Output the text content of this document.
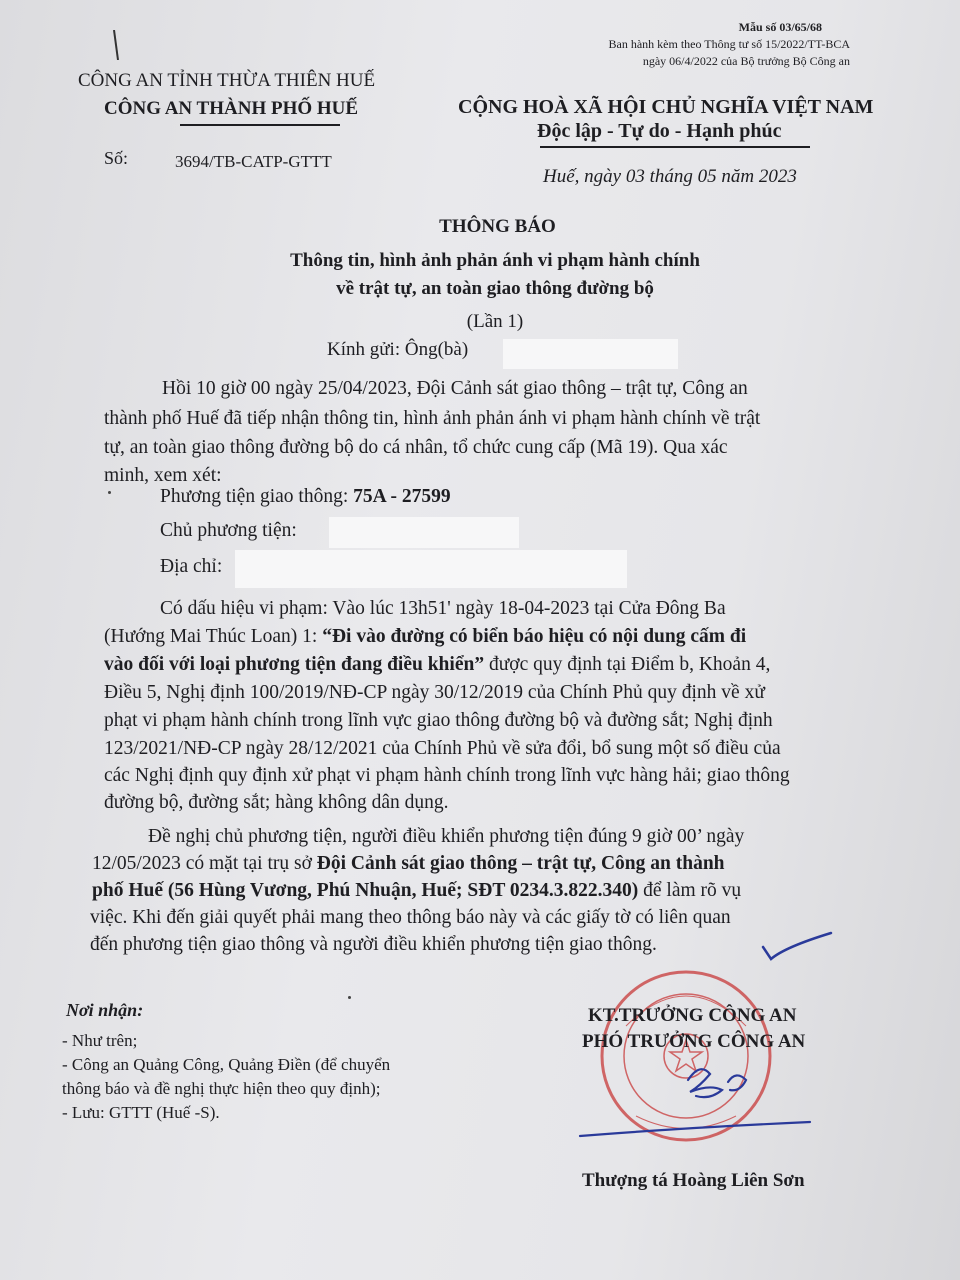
Mẫu số 03/65/68
Ban hành kèm theo Thông tư số 15/2022/TT-BCA
ngày 06/4/2022 của Bộ trưởng Bộ Công an
CÔNG AN TỈNH THỪA THIÊN HUẾ
CÔNG AN THÀNH PHỐ HUẾ
Số:	3694/TB-CATP-GTTT
CỘNG HOÀ XÃ HỘI CHỦ NGHĨA VIỆT NAM
Độc lập - Tự do - Hạnh phúc
Huế, ngày 03 tháng 05 năm 2023
THÔNG BÁO
Thông tin, hình ảnh phản ánh vi phạm hành chính
về trật tự, an toàn giao thông đường bộ
(Lần 1)
Kính gửi: Ông(bà)
Hồi 10 giờ 00 ngày 25/04/2023, Đội Cảnh sát giao thông – trật tự, Công an
thành phố Huế đã tiếp nhận thông tin, hình ảnh phản ánh vi phạm hành chính về trật
tự, an toàn giao thông đường bộ do cá nhân, tổ chức cung cấp (Mã 19). Qua xác
minh, xem xét:
Phương tiện giao thông: 75A - 27599
Chủ phương tiện:
Địa chỉ:
Có dấu hiệu vi phạm: Vào lúc 13h51' ngày 18-04-2023 tại Cửa Đông Ba
(Hướng Mai Thúc Loan) 1: “Đi vào đường có biển báo hiệu có nội dung cấm đi
vào đối với loại phương tiện đang điều khiển” được quy định tại Điểm b, Khoản 4,
Điều 5, Nghị định 100/2019/NĐ-CP ngày 30/12/2019 của Chính Phủ quy định về xử
phạt vi phạm hành chính trong lĩnh vực giao thông đường bộ và đường sắt; Nghị định
123/2021/NĐ-CP ngày 28/12/2021 của Chính Phủ về sửa đổi, bổ sung một số điều của
các Nghị định quy định xử phạt vi phạm hành chính trong lĩnh vực hàng hải; giao thông
đường bộ, đường sắt; hàng không dân dụng.
Đề nghị chủ phương tiện, người điều khiển phương tiện đúng 9 giờ 00’ ngày
12/05/2023 có mặt tại trụ sở Đội Cảnh sát giao thông – trật tự, Công an thành
phố Huế (56 Hùng Vương, Phú Nhuận, Huế; SĐT 0234.3.822.340) để làm rõ vụ
việc. Khi đến giải quyết phải mang theo thông báo này và các giấy tờ có liên quan
đến phương tiện giao thông và người điều khiển phương tiện giao thông.
Nơi nhận:
- Như trên;
- Công an Quảng Công, Quảng Điền (để chuyển
thông báo và đề nghị thực hiện theo quy định);
- Lưu: GTTT (Huế -S).
KT.TRƯỞNG CÔNG AN
PHÓ TRƯỞNG CÔNG AN
Thượng tá Hoàng Liên Sơn
